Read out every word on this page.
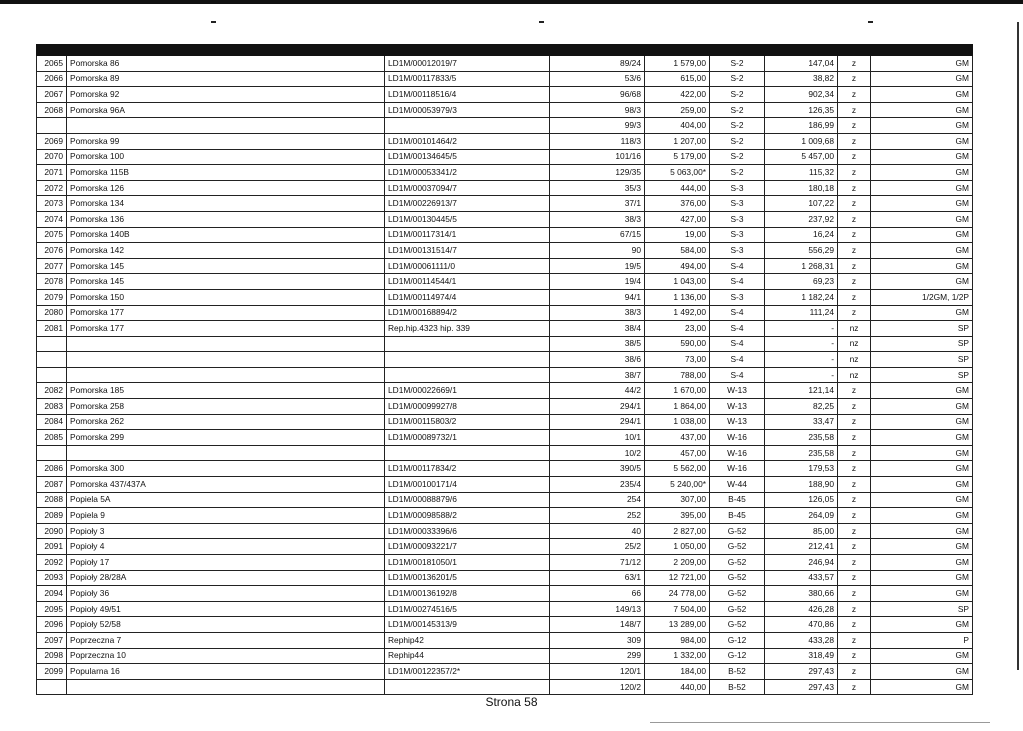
2065	Pomorska 86	LD1M/00012019/7	89/24	1 579,00	S-2	147,04	z	GM
2066	Pomorska 89	LD1M/00117833/5	53/6	615,00	S-2	38,82	z	GM
2067	Pomorska 92	LD1M/00118516/4	96/68	422,00	S-2	902,34	z	GM
2068	Pomorska 96A	LD1M/00053979/3	98/3	259,00	S-2	126,35	z	GM
			99/3	404,00	S-2	186,99	z	GM
2069	Pomorska 99	LD1M/00101464/2	118/3	1 207,00	S-2	1 009,68	z	GM
2070	Pomorska 100	LD1M/00134645/5	101/16	5 179,00	S-2	5 457,00	z	GM
2071	Pomorska 115B	LD1M/00053341/2	129/35	5 063,00*	S-2	115,32	z	GM
2072	Pomorska 126	LD1M/00037094/7	35/3	444,00	S-3	180,18	z	GM
2073	Pomorska 134	LD1M/00226913/7	37/1	376,00	S-3	107,22	z	GM
2074	Pomorska 136	LD1M/00130445/5	38/3	427,00	S-3	237,92	z	GM
2075	Pomorska 140B	LD1M/00117314/1	67/15	19,00	S-3	16,24	z	GM
2076	Pomorska 142	LD1M/00131514/7	90	584,00	S-3	556,29	z	GM
2077	Pomorska 145	LD1M/00061111/0	19/5	494,00	S-4	1 268,31	z	GM
2078	Pomorska 145	LD1M/00114544/1	19/4	1 043,00	S-4	69,23	z	GM
2079	Pomorska 150	LD1M/00114974/4	94/1	1 136,00	S-3	1 182,24	z	1/2GM, 1/2P
2080	Pomorska 177	LD1M/00168894/2	38/3	1 492,00	S-4	111,24	z	GM
2081	Pomorska 177	Rep.hip.4323 hip. 339	38/4	23,00	S-4	-	nz	SP
			38/5	590,00	S-4	-	nz	SP
			38/6	73,00	S-4	-	nz	SP
			38/7	788,00	S-4	-	nz	SP
2082	Pomorska 185	LD1M/00022669/1	44/2	1 670,00	W-13	121,14	z	GM
2083	Pomorska 258	LD1M/00099927/8	294/1	1 864,00	W-13	82,25	z	GM
2084	Pomorska 262	LD1M/00115803/2	294/1	1 038,00	W-13	33,47	z	GM
2085	Pomorska 299	LD1M/00089732/1	10/1	437,00	W-16	235,58	z	GM
			10/2	457,00	W-16	235,58	z	GM
2086	Pomorska 300	LD1M/00117834/2	390/5	5 562,00	W-16	179,53	z	GM
2087	Pomorska 437/437A	LD1M/00100171/4	235/4	5 240,00*	W-44	188,90	z	GM
2088	Popiela 5A	LD1M/00088879/6	254	307,00	B-45	126,05	z	GM
2089	Popiela 9	LD1M/00098588/2	252	395,00	B-45	264,09	z	GM
2090	Popioły 3	LD1M/00033396/6	40	2 827,00	G-52	85,00	z	GM
2091	Popioły 4	LD1M/00093221/7	25/2	1 050,00	G-52	212,41	z	GM
2092	Popioły 17	LD1M/00181050/1	71/12	2 209,00	G-52	246,94	z	GM
2093	Popioły 28/28A	LD1M/00136201/5	63/1	12 721,00	G-52	433,57	z	GM
2094	Popioły 36	LD1M/00136192/8	66	24 778,00	G-52	380,66	z	GM
2095	Popioły 49/51	LD1M/00274516/5	149/13	7 504,00	G-52	426,28	z	SP
2096	Popioły 52/58	LD1M/00145313/9	148/7	13 289,00	G-52	470,86	z	GM
2097	Poprzeczna 7	Rephip42	309	984,00	G-12	433,28	z	P
2098	Poprzeczna 10	Rephip44	299	1 332,00	G-12	318,49	z	GM
2099	Popularna 16	LD1M/00122357/2*	120/1	184,00	B-52	297,43	z	GM
			120/2	440,00	B-52	297,43	z	GM
Strona 58
